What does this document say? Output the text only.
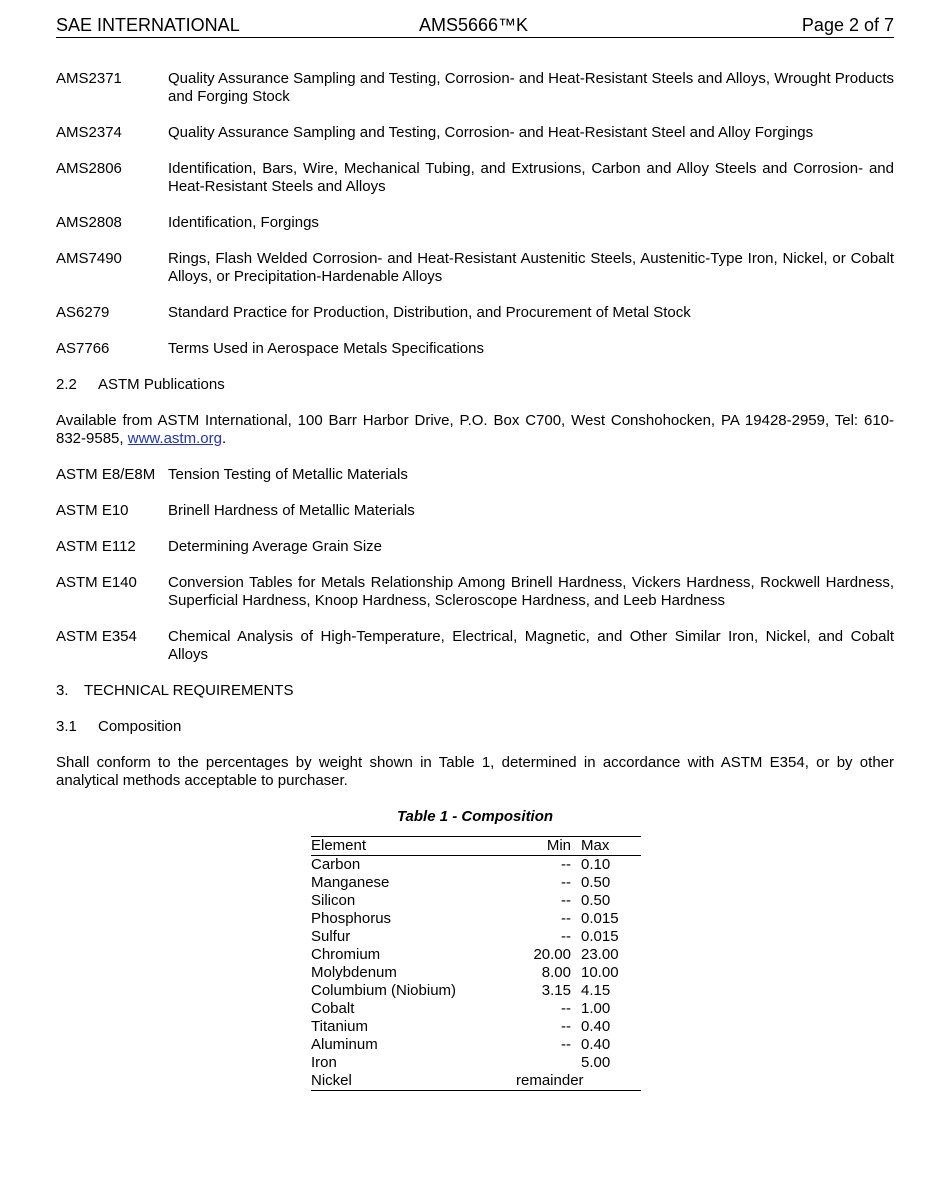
SAE INTERNATIONAL	AMS5666™K	Page 2 of 7
AMS2371	Quality Assurance Sampling and Testing, Corrosion- and Heat-Resistant Steels and Alloys, Wrought Products and Forging Stock
AMS2374	Quality Assurance Sampling and Testing, Corrosion- and Heat-Resistant Steel and Alloy Forgings
AMS2806	Identification, Bars, Wire, Mechanical Tubing, and Extrusions, Carbon and Alloy Steels and Corrosion- and Heat-Resistant Steels and Alloys
AMS2808	Identification, Forgings
AMS7490	Rings, Flash Welded Corrosion- and Heat-Resistant Austenitic Steels, Austenitic-Type Iron, Nickel, or Cobalt Alloys, or Precipitation-Hardenable Alloys
AS6279	Standard Practice for Production, Distribution, and Procurement of Metal Stock
AS7766	Terms Used in Aerospace Metals Specifications
2.2 ASTM Publications
Available from ASTM International, 100 Barr Harbor Drive, P.O. Box C700, West Conshohocken, PA 19428-2959, Tel: 610-832-9585, www.astm.org.
ASTM E8/E8M Tension Testing of Metallic Materials
ASTM E10	Brinell Hardness of Metallic Materials
ASTM E112	Determining Average Grain Size
ASTM E140	Conversion Tables for Metals Relationship Among Brinell Hardness, Vickers Hardness, Rockwell Hardness, Superficial Hardness, Knoop Hardness, Scleroscope Hardness, and Leeb Hardness
ASTM E354	Chemical Analysis of High-Temperature, Electrical, Magnetic, and Other Similar Iron, Nickel, and Cobalt Alloys
3. TECHNICAL REQUIREMENTS
3.1 Composition
Shall conform to the percentages by weight shown in Table 1, determined in accordance with ASTM E354, or by other analytical methods acceptable to purchaser.
Table 1 - Composition
Element	Min	Max
Carbon	--	0.10
Manganese	--	0.50
Silicon	--	0.50
Phosphorus	--	0.015
Sulfur	--	0.015
Chromium	20.00	23.00
Molybdenum	8.00	10.00
Columbium (Niobium)	3.15	4.15
Cobalt	--	1.00
Titanium	--	0.40
Aluminum	--	0.40
Iron		5.00
Nickel	remainder	
